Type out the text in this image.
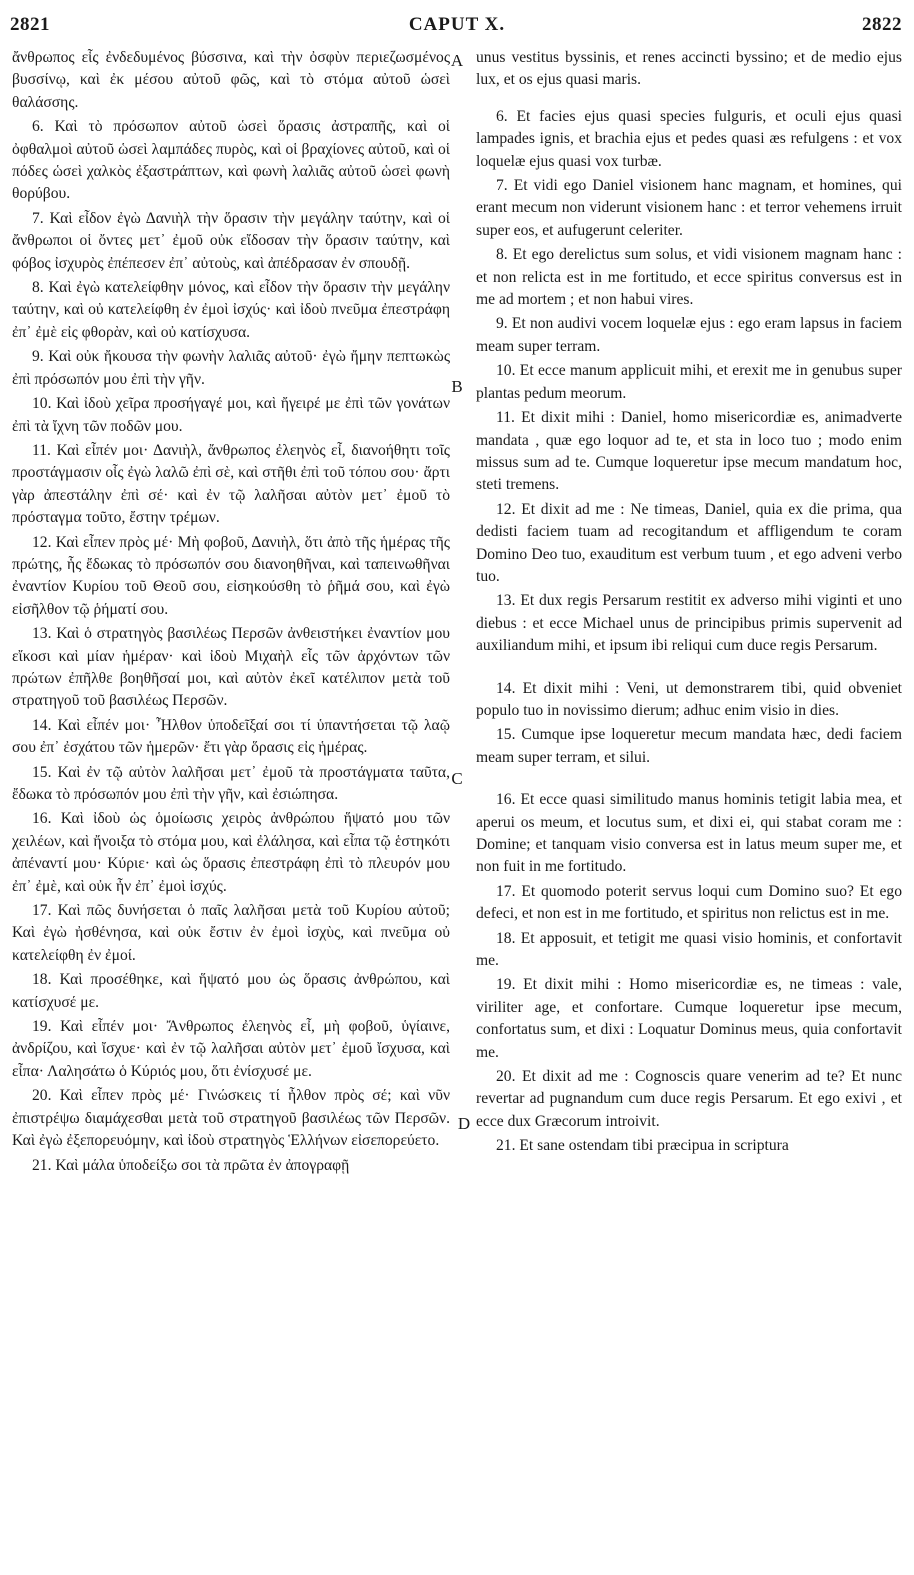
2821	CAPUT X.	2822
A
B
C
D

ἄνθρωπος εἷς ἐνδεδυμένος βύσσινα, καὶ τὴν ὀσφὺν περιεζωσμένος βυσσίνῳ, καὶ ἐκ μέσου αὐτοῦ φῶς, καὶ τὸ στόμα αὐτοῦ ὡσεὶ θαλάσσης.

6. Καὶ τὸ πρόσωπον αὐτοῦ ὡσεὶ ὅρασις ἀστραπῆς, καὶ οἱ ὀφθαλμοὶ αὐτοῦ ὡσεὶ λαμπάδες πυρὸς, καὶ οἱ βραχίονες αὐτοῦ, καὶ οἱ πόδες ὡσεὶ χαλκὸς ἐξαστράπτων, καὶ φωνὴ λαλιᾶς αὐτοῦ ὡσεὶ φωνὴ θορύβου.

7. Καὶ εἶδον ἐγὼ Δανιὴλ τὴν ὅρασιν τὴν μεγάλην ταύτην, καὶ οἱ ἄνθρωποι οἱ ὄντες μετ᾽ ἐμοῦ οὐκ εἴδοσαν τὴν ὅρασιν ταύτην, καὶ φόβος ἰσχυρὸς ἐπέπεσεν ἐπ᾽ αὐτοὺς, καὶ ἀπέδρασαν ἐν σπουδῇ.

8. Καὶ ἐγὼ κατελείφθην μόνος, καὶ εἶδον τὴν ὅρασιν τὴν μεγάλην ταύτην, καὶ οὐ κατελείφθη ἐν ἐμοὶ ἰσχύς· καὶ ἰδοὺ πνεῦμα ἐπεστράφη ἐπ᾽ ἐμὲ εἰς φθορὰν, καὶ οὐ κατίσχυσα.

9. Καὶ οὐκ ἤκουσα τὴν φωνὴν λαλιᾶς αὐτοῦ· ἐγὼ ἤμην πεπτωκὼς ἐπὶ πρόσωπόν μου ἐπὶ τὴν γῆν.

10. Καὶ ἰδοὺ χεῖρα προσήγαγέ μοι, καὶ ἤγειρέ με ἐπὶ τῶν γονάτων ἐπὶ τὰ ἴχνη τῶν ποδῶν μου.

11. Καὶ εἶπέν μοι· Δανιὴλ, ἄνθρωπος ἐλεηνὸς εἶ, διανοήθητι τοῖς προστάγμασιν οἷς ἐγὼ λαλῶ ἐπὶ σὲ, καὶ στῆθι ἐπὶ τοῦ τόπου σου· ἄρτι γὰρ ἀπεστάλην ἐπὶ σέ· καὶ ἐν τῷ λαλῆσαι αὐτὸν μετ᾽ ἐμοῦ τὸ πρόσταγμα τοῦτο, ἔστην τρέμων.

12. Καὶ εἶπεν πρὸς μέ· Μὴ φοβοῦ, Δανιὴλ, ὅτι ἀπὸ τῆς ἡμέρας τῆς πρώτης, ἧς ἔδωκας τὸ πρόσωπόν σου διανοηθῆναι, καὶ ταπεινωθῆναι ἐναντίον Κυρίου τοῦ Θεοῦ σου, εἰσηκούσθη τὸ ῥῆμά σου, καὶ ἐγὼ εἰσῆλθον τῷ ῥήματί σου.

13. Καὶ ὁ στρατηγὸς βασιλέως Περσῶν ἀνθειστήκει ἐναντίον μου εἴκοσι καὶ μίαν ἡμέραν· καὶ ἰδοὺ Μιχαὴλ εἷς τῶν ἀρχόντων τῶν πρώτων ἐπῆλθε βοηθῆσαί μοι, καὶ αὐτὸν ἐκεῖ κατέλιπον μετὰ τοῦ στρατηγοῦ τοῦ βασιλέως Περσῶν.

14. Καὶ εἶπέν μοι· Ἦλθον ὑποδεῖξαί σοι τί ὑπαντήσεται τῷ λαῷ σου ἐπ᾽ ἐσχάτου τῶν ἡμερῶν· ἔτι γὰρ ὅρασις εἰς ἡμέρας.

15. Καὶ ἐν τῷ αὐτὸν λαλῆσαι μετ᾽ ἐμοῦ τὰ προστάγματα ταῦτα, ἔδωκα τὸ πρόσωπόν μου ἐπὶ τὴν γῆν, καὶ ἐσιώπησα.

16. Καὶ ἰδοὺ ὡς ὁμοίωσις χειρὸς ἀνθρώπου ἥψατό μου τῶν χειλέων, καὶ ἤνοιξα τὸ στόμα μου, καὶ ἐλάλησα, καὶ εἶπα τῷ ἑστηκότι ἀπέναντί μου· Κύριε· καὶ ὡς ὅρασις ἐπεστράφη ἐπὶ τὸ πλευρόν μου ἐπ᾽ ἐμὲ, καὶ οὐκ ἦν ἐπ᾽ ἐμοὶ ἰσχύς.

17. Καὶ πῶς δυνήσεται ὁ παῖς λαλῆσαι μετὰ τοῦ Κυρίου αὐτοῦ; Καὶ ἐγὼ ἠσθένησα, καὶ οὐκ ἔστιν ἐν ἐμοὶ ἰσχὺς, καὶ πνεῦμα οὐ κατελείφθη ἐν ἐμοί.

18. Καὶ προσέθηκε, καὶ ἥψατό μου ὡς ὅρασις ἀνθρώπου, καὶ κατίσχυσέ με.

19. Καὶ εἶπέν μοι· Ἄνθρωπος ἐλεηνὸς εἶ, μὴ φοβοῦ, ὑγίαινε, ἀνδρίζου, καὶ ἴσχυε· καὶ ἐν τῷ λαλῆσαι αὐτὸν μετ᾽ ἐμοῦ ἴσχυσα, καὶ εἶπα· Λαλησάτω ὁ Κύριός μου, ὅτι ἐνίσχυσέ με.

20. Καὶ εἶπεν πρὸς μέ· Γινώσκεις τί ἦλθον πρὸς σέ; καὶ νῦν ἐπιστρέψω διαμάχεσθαι μετὰ τοῦ στρατηγοῦ βασιλέως τῶν Περσῶν. Καὶ ἐγὼ ἐξεπορευόμην, καὶ ἰδοὺ στρατηγὸς Ἑλλήνων εἰσεπορεύετο.

21. Καὶ μάλα ὑποδείξω σοι τὰ πρῶτα ἐν ἀπογραφῇ

unus vestitus byssinis, et renes accincti byssino; et de medio ejus lux, et os ejus quasi maris.

6. Et facies ejus quasi species fulguris, et oculi ejus quasi lampades ignis, et brachia ejus et pedes quasi æs refulgens : et vox loquelæ ejus quasi vox turbæ.

7. Et vidi ego Daniel visionem hanc magnam, et homines, qui erant mecum non viderunt visionem hanc : et terror vehemens irruit super eos, et aufugerunt celeriter.

8. Et ego derelictus sum solus, et vidi visionem magnam hanc : et non relicta est in me fortitudo, et ecce spiritus conversus est in me ad mortem ; et non habui vires.

9. Et non audivi vocem loquelæ ejus : ego eram lapsus in faciem meam super terram.

10. Et ecce manum applicuit mihi, et erexit me in genubus super plantas pedum meorum.

11. Et dixit mihi : Daniel, homo misericordiæ es, animadverte mandata , quæ ego loquor ad te, et sta in loco tuo ; modo enim missus sum ad te. Cumque loqueretur ipse mecum mandatum hoc, steti tremens.

12. Et dixit ad me : Ne timeas, Daniel, quia ex die prima, qua dedisti faciem tuam ad recogitandum et affligendum te coram Domino Deo tuo, exauditum est verbum tuum , et ego adveni verbo tuo.

13. Et dux regis Persarum restitit ex adverso mihi viginti et uno diebus : et ecce Michael unus de principibus primis supervenit ad auxiliandum mihi, et ipsum ibi reliqui cum duce regis Persarum.

14. Et dixit mihi : Veni, ut demonstrarem tibi, quid obveniet populo tuo in novissimo dierum; adhuc enim visio in dies.

15. Cumque ipse loqueretur mecum mandata hæc, dedi faciem meam super terram, et silui.

16. Et ecce quasi similitudo manus hominis tetigit labia mea, et aperui os meum, et locutus sum, et dixi ei, qui stabat coram me : Domine; et tanquam visio conversa est in latus meum super me, et non fuit in me fortitudo.

17. Et quomodo poterit servus loqui cum Domino suo? Et ego defeci, et non est in me fortitudo, et spiritus non relictus est in me.

18. Et apposuit, et tetigit me quasi visio hominis, et confortavit me.

19. Et dixit mihi : Homo misericordiæ es, ne timeas : vale, viriliter age, et confortare. Cumque loqueretur ipse mecum, confortatus sum, et dixi : Loquatur Dominus meus, quia confortavit me.

20. Et dixit ad me : Cognoscis quare venerim ad te? Et nunc revertar ad pugnandum cum duce regis Persarum. Et ego exivi , et ecce dux Græcorum introivit.

21. Et sane ostendam tibi præcipua in scriptura
